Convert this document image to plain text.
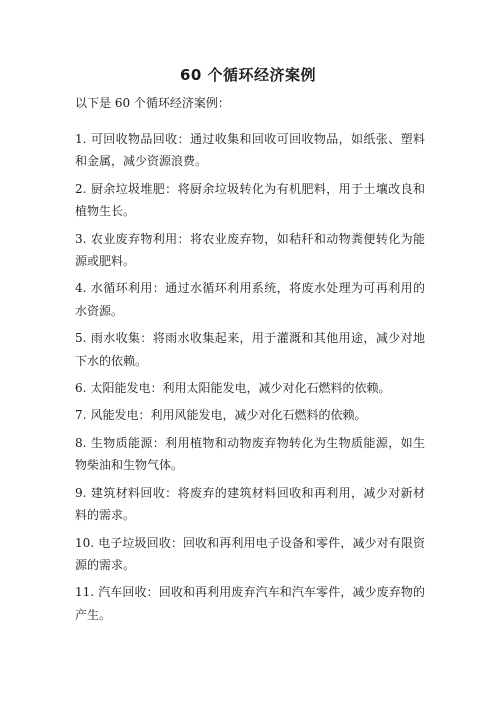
60 个循环经济案例
以下是 60 个循环经济案例：

1. 可回收物品回收：通过收集和回收可回收物品，如纸张、塑料和金属，减少资源浪费。

2. 厨余垃圾堆肥：将厨余垃圾转化为有机肥料，用于土壤改良和植物生长。

3. 农业废弃物利用：将农业废弃物，如秸秆和动物粪便转化为能源或肥料。

4. 水循环利用：通过水循环利用系统，将废水处理为可再利用的水资源。

5. 雨水收集：将雨水收集起来，用于灌溉和其他用途，减少对地下水的依赖。

6. 太阳能发电：利用太阳能发电，减少对化石燃料的依赖。

7. 风能发电：利用风能发电，减少对化石燃料的依赖。

8. 生物质能源：利用植物和动物废弃物转化为生物质能源，如生物柴油和生物气体。

9. 建筑材料回收：将废弃的建筑材料回收和再利用，减少对新材料的需求。

10. 电子垃圾回收：回收和再利用电子设备和零件，减少对有限资源的需求。

11. 汽车回收：回收和再利用废弃汽车和汽车零件，减少废弃物的产生。
